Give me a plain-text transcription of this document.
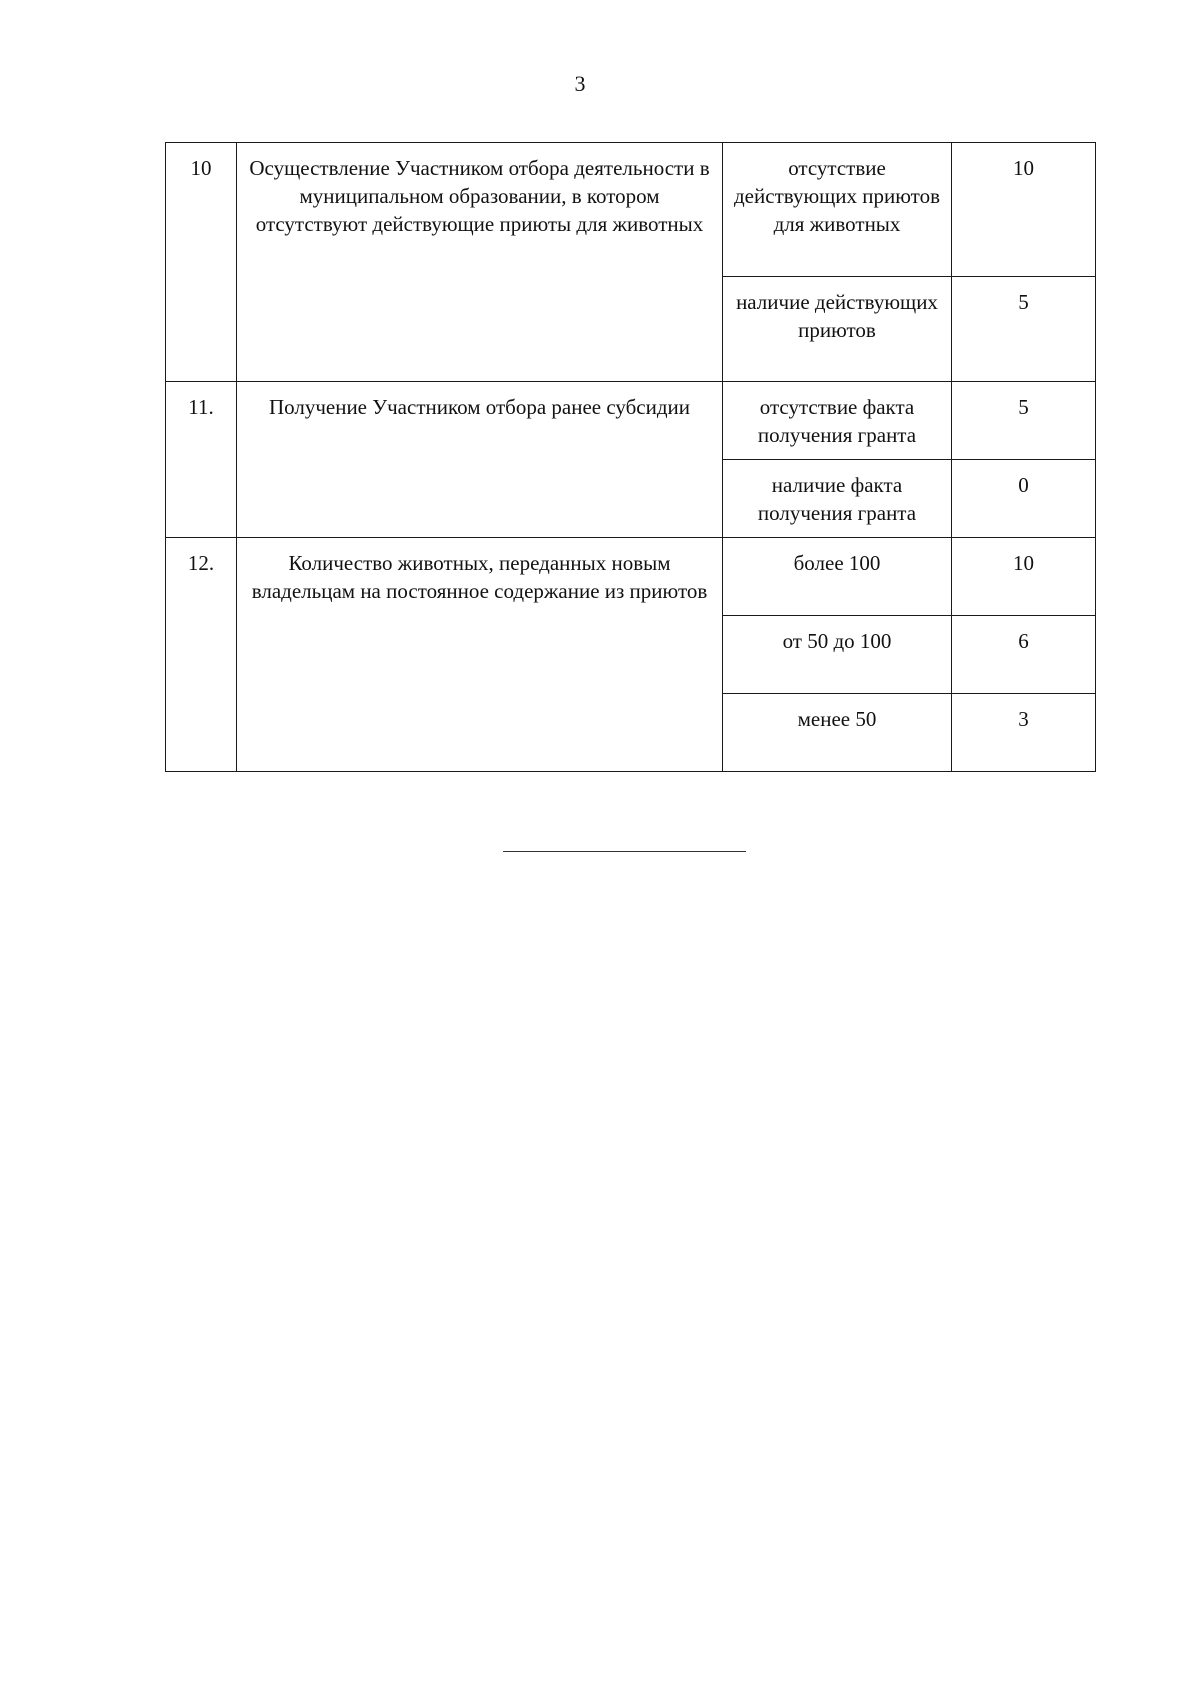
3
10	Осуществление Участником отбора деятельности в муниципальном образовании, в котором отсутствуют действующие приюты для животных	отсутствие действующих приютов для животных	10
		наличие действующих приютов	5
11.	Получение Участником отбора ранее субсидии	отсутствие факта получения гранта	5
		наличие факта получения гранта	0
12.	Количество животных, переданных новым владельцам на постоянное содержание из приютов	более 100	10
		от 50 до 100	6
		менее 50	3
